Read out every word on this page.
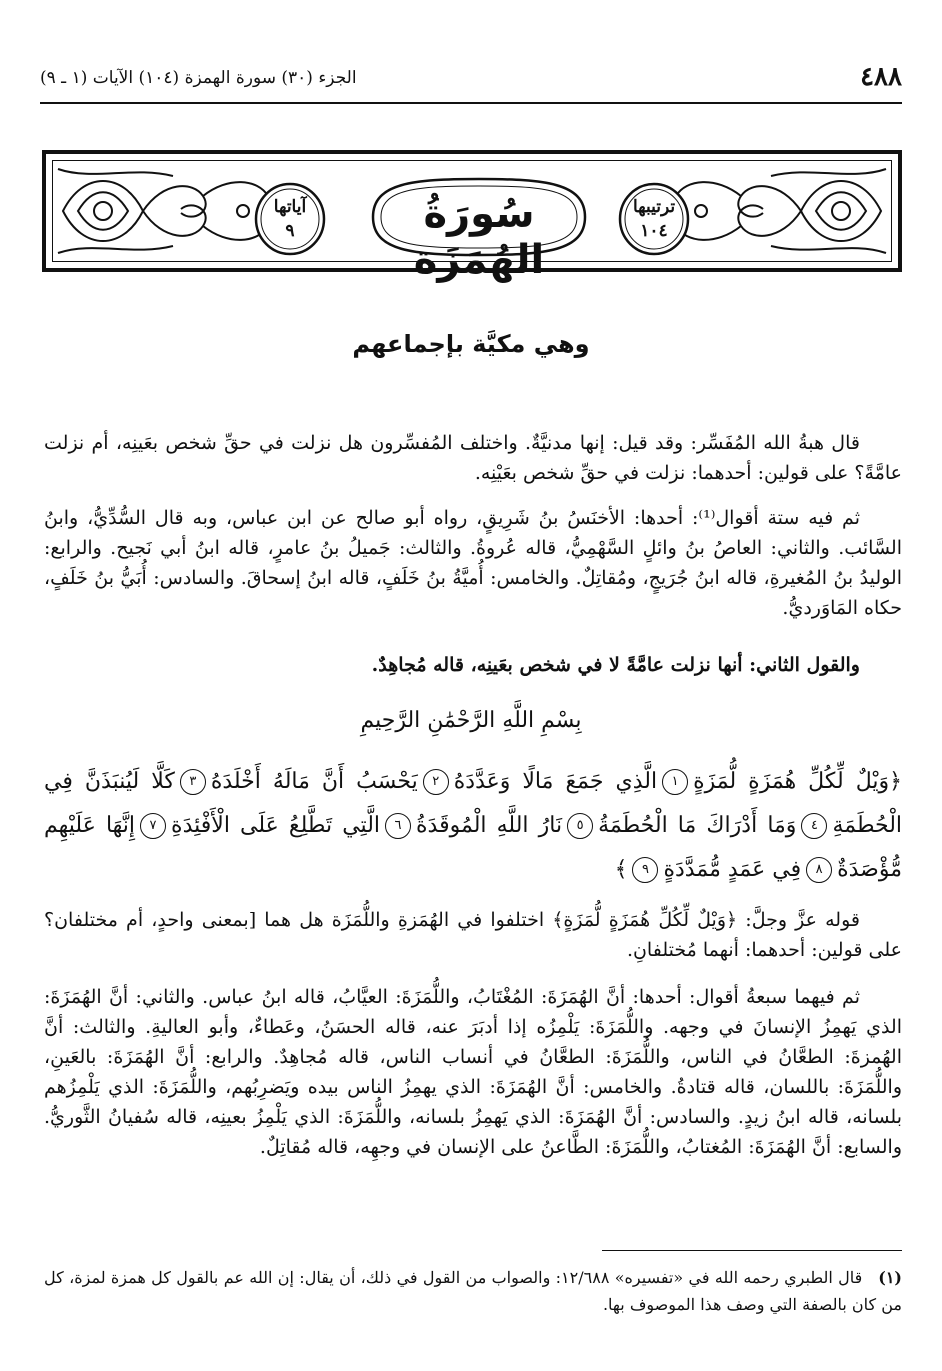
٤٨٨
الجزء (٣٠) سورة الهمزة (١٠٤) الآيات (١ ـ ٩)
سُورَةُ الهُمَزَة
ترتيبها
١٠٤
آياتها
٩
وهي مكيَّة بإجماعهم

قال هبةُ الله المُفَسِّر: وقد قيل: إنها مدنيَّةٌ. واختلف المُفسِّرون هل نزلت في حقِّ شخص بعَينِه، أم نزلت عامَّةً؟ على قولين: أحدهما: نزلت في حقِّ شخص بعَيْنِه.

ثم فيه ستة أقوال⁽¹⁾: أحدها: الأخنَسُ بنُ شَرِيقٍ، رواه أبو صالح عن ابن عباس، وبه قال السُّدِّيُّ، وابنُ السَّائب. والثاني: العاصُ بنُ وائلٍ السَّهْمِيُّ، قاله عُروةُ. والثالث: جَميلُ بنُ عامرٍ، قاله ابنُ أبي نَجيح. والرابع: الوليدُ بنُ المُغيرةِ، قاله ابنُ جُرَيجٍ، ومُقاتِلٌ. والخامس: أُميَّةُ بنُ خَلَفٍ، قاله ابنُ إسحاقَ. والسادس: أُبَيُّ بنُ خَلَفٍ، حكاه المَاوَرديُّ.

والقول الثاني: أنها نزلت عامَّةً لا في شخص بعَينِه، قاله مُجاهِدٌ.

بِسْمِ اللَّهِ الرَّحْمَٰنِ الرَّحِيمِ
﴿وَيْلٌ لِّكُلِّ هُمَزَةٍ لُّمَزَةٍ١الَّذِي جَمَعَ مَالًا وَعَدَّدَهُ٢يَحْسَبُ أَنَّ مَالَهُ أَخْلَدَهُ٣كَلَّا لَيُنبَذَنَّ فِي الْحُطَمَةِ٤وَمَا أَدْرَاكَ مَا الْحُطَمَةُ٥نَارُ اللَّهِ الْمُوقَدَةُ٦الَّتِي تَطَّلِعُ عَلَى الْأَفْئِدَةِ٧إِنَّهَا عَلَيْهِم مُّؤْصَدَةٌ٨فِي عَمَدٍ مُّمَدَّدَةٍ٩﴾

قوله عزَّ وجلَّ: ﴿وَيْلٌ لِّكُلِّ هُمَزَةٍ لُّمَزَةٍ﴾ اختلفوا في الهُمَزةِ واللُّمَزَة هل هما [بمعنى واحدٍ، أم مختلفان؟ على قولين: أحدهما: أنهما مُختلفانِ.

ثم فيهما سبعةُ أقوال: أحدها: أنَّ الهُمَزَةَ: المُغْتَابُ، واللُّمَزَةَ: العيَّابُ، قاله ابنُ عباس. والثاني: أنَّ الهُمَزَةَ: الذي يَهمِزُ الإنسانَ في وجهه. واللُّمَزَةَ: يَلْمِزُه إذا أدبَرَ عنه، قاله الحسَنُ، وعَطاءٌ، وأبو العاليةِ. والثالث: أنَّ الهُمزةَ: الطعَّانُ في الناس، واللُّمَزَةَ: الطعَّانُ في أنساب الناس، قاله مُجاهِدٌ. والرابع: أنَّ الهُمَزَةَ: بالعَينِ، واللُّمَزَةَ: باللسان، قاله قتادةُ. والخامس: أنَّ الهُمَزَةَ: الذي يهمِزُ الناس بيده ويَضرِبُهم، واللُّمَزَةَ: الذي يَلْمِزُهم بلسانه، قاله ابنُ زيدٍ. والسادس: أنَّ الهُمَزَةَ: الذي يَهمِزُ بلسانه، واللُّمَزَةَ: الذي يَلْمِزُ بعينِه، قاله سُفيانُ الثَّوريُّ. والسابع: أنَّ الهُمَزَةَ: المُغتابُ، واللُّمَزَةَ: الطَّاعنُ على الإنسان في وجهِه، قاله مُقاتِلٌ.

(١)قال الطبري رحمه الله في «تفسيره» ١٢/٦٨٨: والصواب من القول في ذلك، أن يقال: إن الله عم بالقول كل همزة لمزة، كل من كان بالصفة التي وصف هذا الموصوف بها.
